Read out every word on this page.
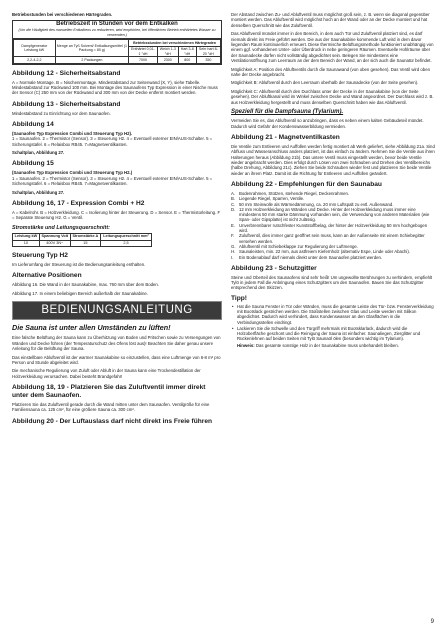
Betriebsstunden bei verschiedenen Härtegraden.

Betriebszeit in Stunden vor dem Entkalken
(Um die Häufigkeit des manuellen Entkalkens zu reduzieren, wird empfohlen, bei öffentlichen Betrieb enthärtetes Wasser zu verwenden.)
Dampfgenerator Leistung kW	Menge an Tyß Solvent/ Entkalkungsmittel (1 Packung = 80 g)	Betriebsstunden bei verschiedenen Härtegraden			
		Enthärtet 0,01-1 °dH	Weich 1-3 °dH	Hart 3-8 °dH	Sehr hart 8-20 °dH
2,2-4-2,2	2 Packungen	7000	2300	800	350
Abbildung 12 - Sicherheitsabstand

A = Normale Montage. B = Nischenmontage. Mindestabstand zur Seitenwand (X, Y), siehe Tabelle. Mindestabstand zur Rückwand 100 mm. Bei Montage des Saunaofens Typ Expression in einer Nische muss der Sensor (C) 250 mm von der Rückwand und 300 mm von der Decke entfernt montiert werden.

Abbildung 13 - Sicherheitsabstand

Mindestabstand zu Einrichtung vor dem Saunaofen.

Abbildung 14

(Saunaofen Typ Expression Combi und Steuerung Typ H2).

1 = Saunaofen. 2 = Thermistor (Sensor). 3 = Steuerung H2. 4 = Eventuell externer EIN/AUS-Schalter. 5 = Sicherungstafel. 6 = Relaisbox RB45. 7=Magnetventilkasten.

Schaltplan, Abbildung 27.

Abbildung 15

(Saunaofen Typ Expression Combi und Steuerung Typ H2.)

1 = Saunaofen. 2 = Thermistor (Sensor). 3 = Steuerung H2. 4 = Eventuell externer EIN/AUS-Schalter. 5 = Sicherungstafel. 6 = Relaisbox RB45. 7=Magnetventilkasten.

Schaltplan, Abbildung 27.

Abbildung 16, 17 - Expression Combi + H2

A = Kabelrohr. B = Holzverkleidung. C = Isolierung hinter der Steuerung. D = Sensor. E = Thermistorleitung. F = Separate Steuerung H2. G = Ventil.

Stromstärke und Leitungsquerschnitt:
Leistung kW	Spannung Volt	Stromstärke A	Leitungsquerschnitt mm²
10	400V 3N~	15	2,5
Steuerung Typ H2

Im Lieferumfang der Steuerung ist die Bedienungsanleitung enthalten.

Alternative Positionen

Abbildung 16. Die Wand in der Saunakabine, max. 760 mm über dem Boden.

Abbildung 17. In einem beliebigen Bereich außerhalb der Saunakabine.

BEDIENUNGSANLEITUNG
Die Sauna ist unter allen Umständen zu lüften!

Eine falsche Belüftung der Sauna kann zu Überhitzung von Boden und Pritschen sowie zu Versengungen von Wänden und Decke führen (der Temperaturschutz des Ofens löst aus)! Beachten Sie daher genau unsere Anleitung für die Belüftung der Sauna.

Das einstellbare Abluftventil ist der warmer Saunakabine so einzustellen, dass eine Luftmenge von 6-8 m³ pro Person und Stunde abgeleitet wird.

Die mechanische Regulierung von Zuluft oder Abluft in der Sauna kann eine Trockendestillation der Holzverkleidung verursachen. Dabei besteht Brandgefahr!

Abbildung 18, 19 - Platzieren Sie das Zuluftventil immer direkt unter dem Saunaofen.

Platzieren Sie das Zuluftventil gerade durch die Wand mitten unter dem Saunaofen. Ventilgröße für eine Familiensauna ca. 125 cm², für eine größere Sauna ca. 300 cm².

Abbildung 20 - Der Luftauslass darf nicht direkt ins Freie führen

Der Abstand zwischen Zu- und Abluftventil muss möglichst groß sein, z. B. wenn sie diagonal gegenüber montiert werden. Das Abluftventil wird möglichst hoch an der Wand oder an der Decke montiert und hat denselben Querschnitt wie das Zuluftventil.

Das Abluftventil mündet immer in den Bereich, in dem auch Tür und Zuluftventil platziert sind, es darf niemals direkt ins Freie geführt werden. Die aus der Saunakabine kommende Luft wird in dem davor liegenden Raum kontinuierlich erneuert. Diese thermische Belüftungsmethode funktioniert unabhängig von einem ggf. vorhandenen Unter- oder Überdruck in nebe geringeren Räumen. Eventuelle Hohlräume über der Saunadecke dürfen nicht vollständig abgedichtet sein. Belegen Sie mindestens eine Ventilationsöffnung zum Leerraum an der dem Bereich der Wand, an der sich auch die Saunatür befindet.

Möglichkeit A: Position des Abluftventils durch die Saunawand (von oben gesehen). Das Ventil wird oben nahe der Decke angebracht.

Möglichkeit B: Abluftventil durch den Leerraum oberhalb der Saunadecke (von der Seite gesehen).

Möglichkeit C: Abluftventil durch den Durchlass unter der Decke in der Saunakabine (von der Seite gesehen). Der Abluftkanal wird im Winkel zwischen Decke und Wand angeordnet. Der Durchlass wird z. B. aus Holzverkleidung hergestellt und muss denselben Querschnitt haben wie das Abluftventil.

Speziell für die Dampfsauna (Tylarium).

Vermeiden Sie es, das Abluftventil so anzubringen, dass es neben einem kalten Gebäudeteil mündet. Dadurch wird Gefahr der Kondenswasserbildung vermieden.

Abbildung 21 - Magnetventilkasten

Die Ventile zum Entleeren und Auffüllen werden fertig montiert ab Werk geliefert, siehe Abbildung 21a. Sind Abfluss und Wasseranschluss anders platziert, ist das einfach zu ändern. Nehmen Sie die Ventile aus ihren Halterungen heraus (Abbildung 21b). Das untere Ventil muss eingestellt werden, bevor beide Ventile wieder angebracht werden. Dies erfolgt durch Lösen von zwei Schrauben und Drehen des Ventilbereichs (halbe Drehung, Abbildung 21c). Ziehen Sie beide Schrauben wieder fest und platzieren Sie beide Ventile wieder an ihrem Platz. Damit ist die Richtung für Entleeren und Auffüllen geändert.

Abbildung 22 - Empfehlungen für den Saunabau
A. Bodenrahmen, Stützen, stehende Riegel, Deckenrahmen.
B. Liegende Riegel, Sparren, Ventile.
C. 50 mm Steinwolle als Wärmedämmung, ca. 20 mm Luftspalt zu evtl. Außenwand.
D. 12 mm Holzverkleidung an Wänden und Decke. Hinter der Holzverkleidung muss immer eine mindestens 50 mm starke Dämmung vorhanden sein, die Verwendung von anderen Materialien (wie Span- oder Gipsplatte) ist nicht zulässig.
E. Unverbrennbarer rutschfester Kunststoffbelag, der hinter der Holzverkleidung 50 mm hochgebogen wird.
F. Zuluftventil, dies immer ganz geöffnet sein muss, kann an der Außenseite mit einem Schiebegitter versehen werden.
G. Abluftventil mit Schiebeklappe zur Regulierung der Luftmenge.
H. Saunaleisten, min. 22 mm, aus astfreiem Kiefernholz (alternativ Espe, Linde oder Abachi).
I. Ein Bodenablauf darf niemals direkt unter dem Saunaofen platziert werden.
Abbildung 23 - Schutzgitter

Steine und Oberteil des Saunaofens sind sehr heiß! Um ungewollte Berührungen zu verhindern, empfiehlt Tylö in jedem Fall die Anbringung eines Schutzgitters um den Saunaofen. Bauen Sie das Schutzgitter entsprechend den Skizzen.

Tipp!
• Hat die Sauna Fenster in Tür oder Wänden, muss die gesamte Leiste des Tür- bzw. Fensterverkleidung mit Bootslack gestrichen werden. Die Stoßstellen zwischen Glas und Leiste werden mit Silikon abgedichtet. Dadurch wird verhindert, dass Kondenswasser an den Glasflächen in die Verbindungsstellen eindringt.
• Lackieren Sie die Schwelle und den Türgriff mehrmals mit Bootsklarlack, dadurch wird die Holzoberfläche geschont und die Reinigung der Sauna ist einfacher. Saunaliegen, Zierglitter und Rückenlehnen auf beiden Seiten mit Tylö Saunaöl ölen (besonders wichtig im Tylarium).

Hinweis: Das gesamte sonstige Holz in der Saunakabine muss unbehandelt bleiben.

9
